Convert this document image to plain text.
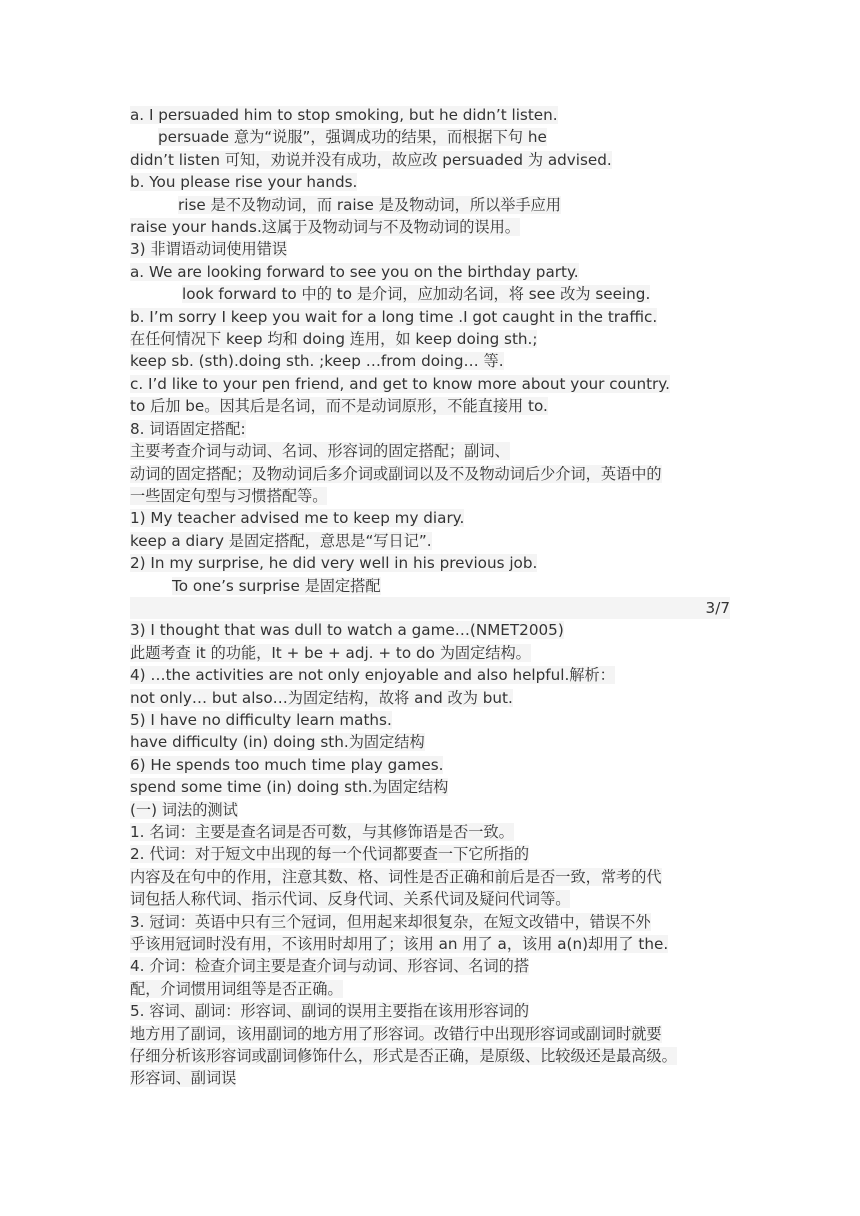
a. I persuaded him to stop smoking, but he didn’t listen.
persuade 意为“说服”，强调成功的结果，而根据下句 he
didn’t listen 可知，劝说并没有成功，故应改 persuaded 为 advised.
b. You please rise your hands.
rise 是不及物动词，而 raise 是及物动词，所以举手应用
raise your hands.这属于及物动词与不及物动词的误用。
3) 非谓语动词使用错误
a. We are looking forward to see you on the birthday party.
look forward to 中的 to 是介词，应加动名词，将 see 改为 seeing.
b. I’m sorry I keep you wait for a long time .I got caught in the traffic.
在任何情况下 keep 均和 doing 连用，如 keep doing sth.;
keep sb. (sth).doing sth. ;keep …from doing… 等.
c. I’d like to your pen friend, and get to know more about your country.
to 后加 be。因其后是名词，而不是动词原形，不能直接用 to.
8. 词语固定搭配:
主要考查介词与动词、名词、形容词的固定搭配；副词、
动词的固定搭配；及物动词后多介词或副词以及不及物动词后少介词，英语中的
一些固定句型与习惯搭配等。
1) My teacher advised me to keep my diary.
keep a diary 是固定搭配，意思是“写日记”.
2) In my surprise, he did very well in his previous job.
To one’s surprise 是固定搭配
3/7
3) I thought that was dull to watch a game…(NMET2005)
此题考查 it 的功能，It + be + adj. + to do 为固定结构。
4) …the activities are not only enjoyable and also helpful.解析：
not only… but also…为固定结构，故将 and 改为 but.
5) I have no difficulty learn maths.
have difficulty (in) doing sth.为固定结构
6) He spends too much time play games.
spend some time (in) doing sth.为固定结构
(一) 词法的测试
1. 名词：主要是查名词是否可数，与其修饰语是否一致。
2. 代词：对于短文中出现的每一个代词都要查一下它所指的
内容及在句中的作用，注意其数、格、词性是否正确和前后是否一致，常考的代
词包括人称代词、指示代词、反身代词、关系代词及疑问代词等。
3. 冠词：英语中只有三个冠词，但用起来却很复杂，在短文改错中，错误不外
乎该用冠词时没有用，不该用时却用了；该用 an 用了 a，该用 a(n)却用了 the.
4. 介词：检查介词主要是查介词与动词、形容词、名词的搭
配，介词惯用词组等是否正确。
5. 容词、副词：形容词、副词的误用主要指在该用形容词的
地方用了副词，该用副词的地方用了形容词。改错行中出现形容词或副词时就要
仔细分析该形容词或副词修饰什么，形式是否正确，是原级、比较级还是最高级。
形容词、副词误
